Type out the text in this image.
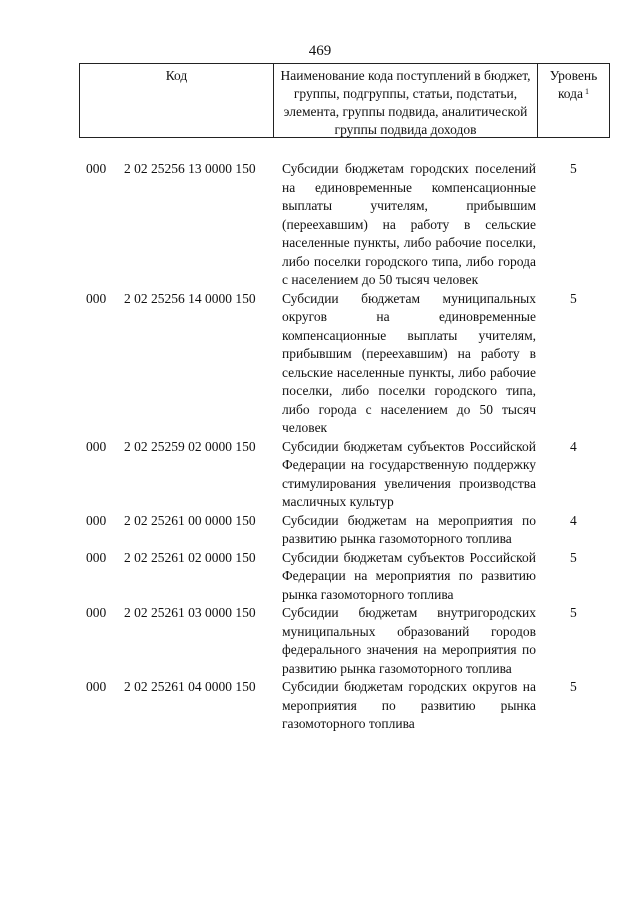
469
Код	Наименование кода поступлений в бюджет, группы, подгруппы, статьи, подстатьи, элемента, группы подвида, аналитической группы подвида доходов
Уровень кода $^1$
000 2 02 25256 13 0000 150 Субсидии бюджетам городских поселений на единовременные компенсационные выплаты учителям, прибывшим (переехавшим) на работу в сельские населенные пункты, либо рабочие поселки, либо поселки городского типа, либо города с населением до 50 тысяч человек
5
000 2 02 25256 14 0000 150 Субсидии бюджетам муниципальных округов на единовременные компенсационные выплаты учителям, прибывшим (переехавшим) на работу в сельские населенные пункты, либо рабочие поселки, либо поселки городского типа, либо города с населением до 50 тысяч человек
5
000 2 02 25259 02 0000 150 Субсидии бюджетам субъектов Российской Федерации на государственную поддержку стимулирования увеличения производства масличных культур
4
000 2 02 25261 00 0000 150 Субсидии бюджетам на мероприятия по развитию рынка газомоторного топлива
4
000 2 02 25261 02 0000 150 Субсидии бюджетам субъектов Российской Федерации на мероприятия по развитию рынка газомоторного топлива
5
000 2 02 25261 03 0000 150 Субсидии бюджетам внутригородских муниципальных образований городов федерального значения на мероприятия по развитию рынка газомоторного топлива
5
000 2 02 25261 04 0000 150 Субсидии бюджетам городских округов на мероприятия по развитию рынка газомоторного топлива
5
